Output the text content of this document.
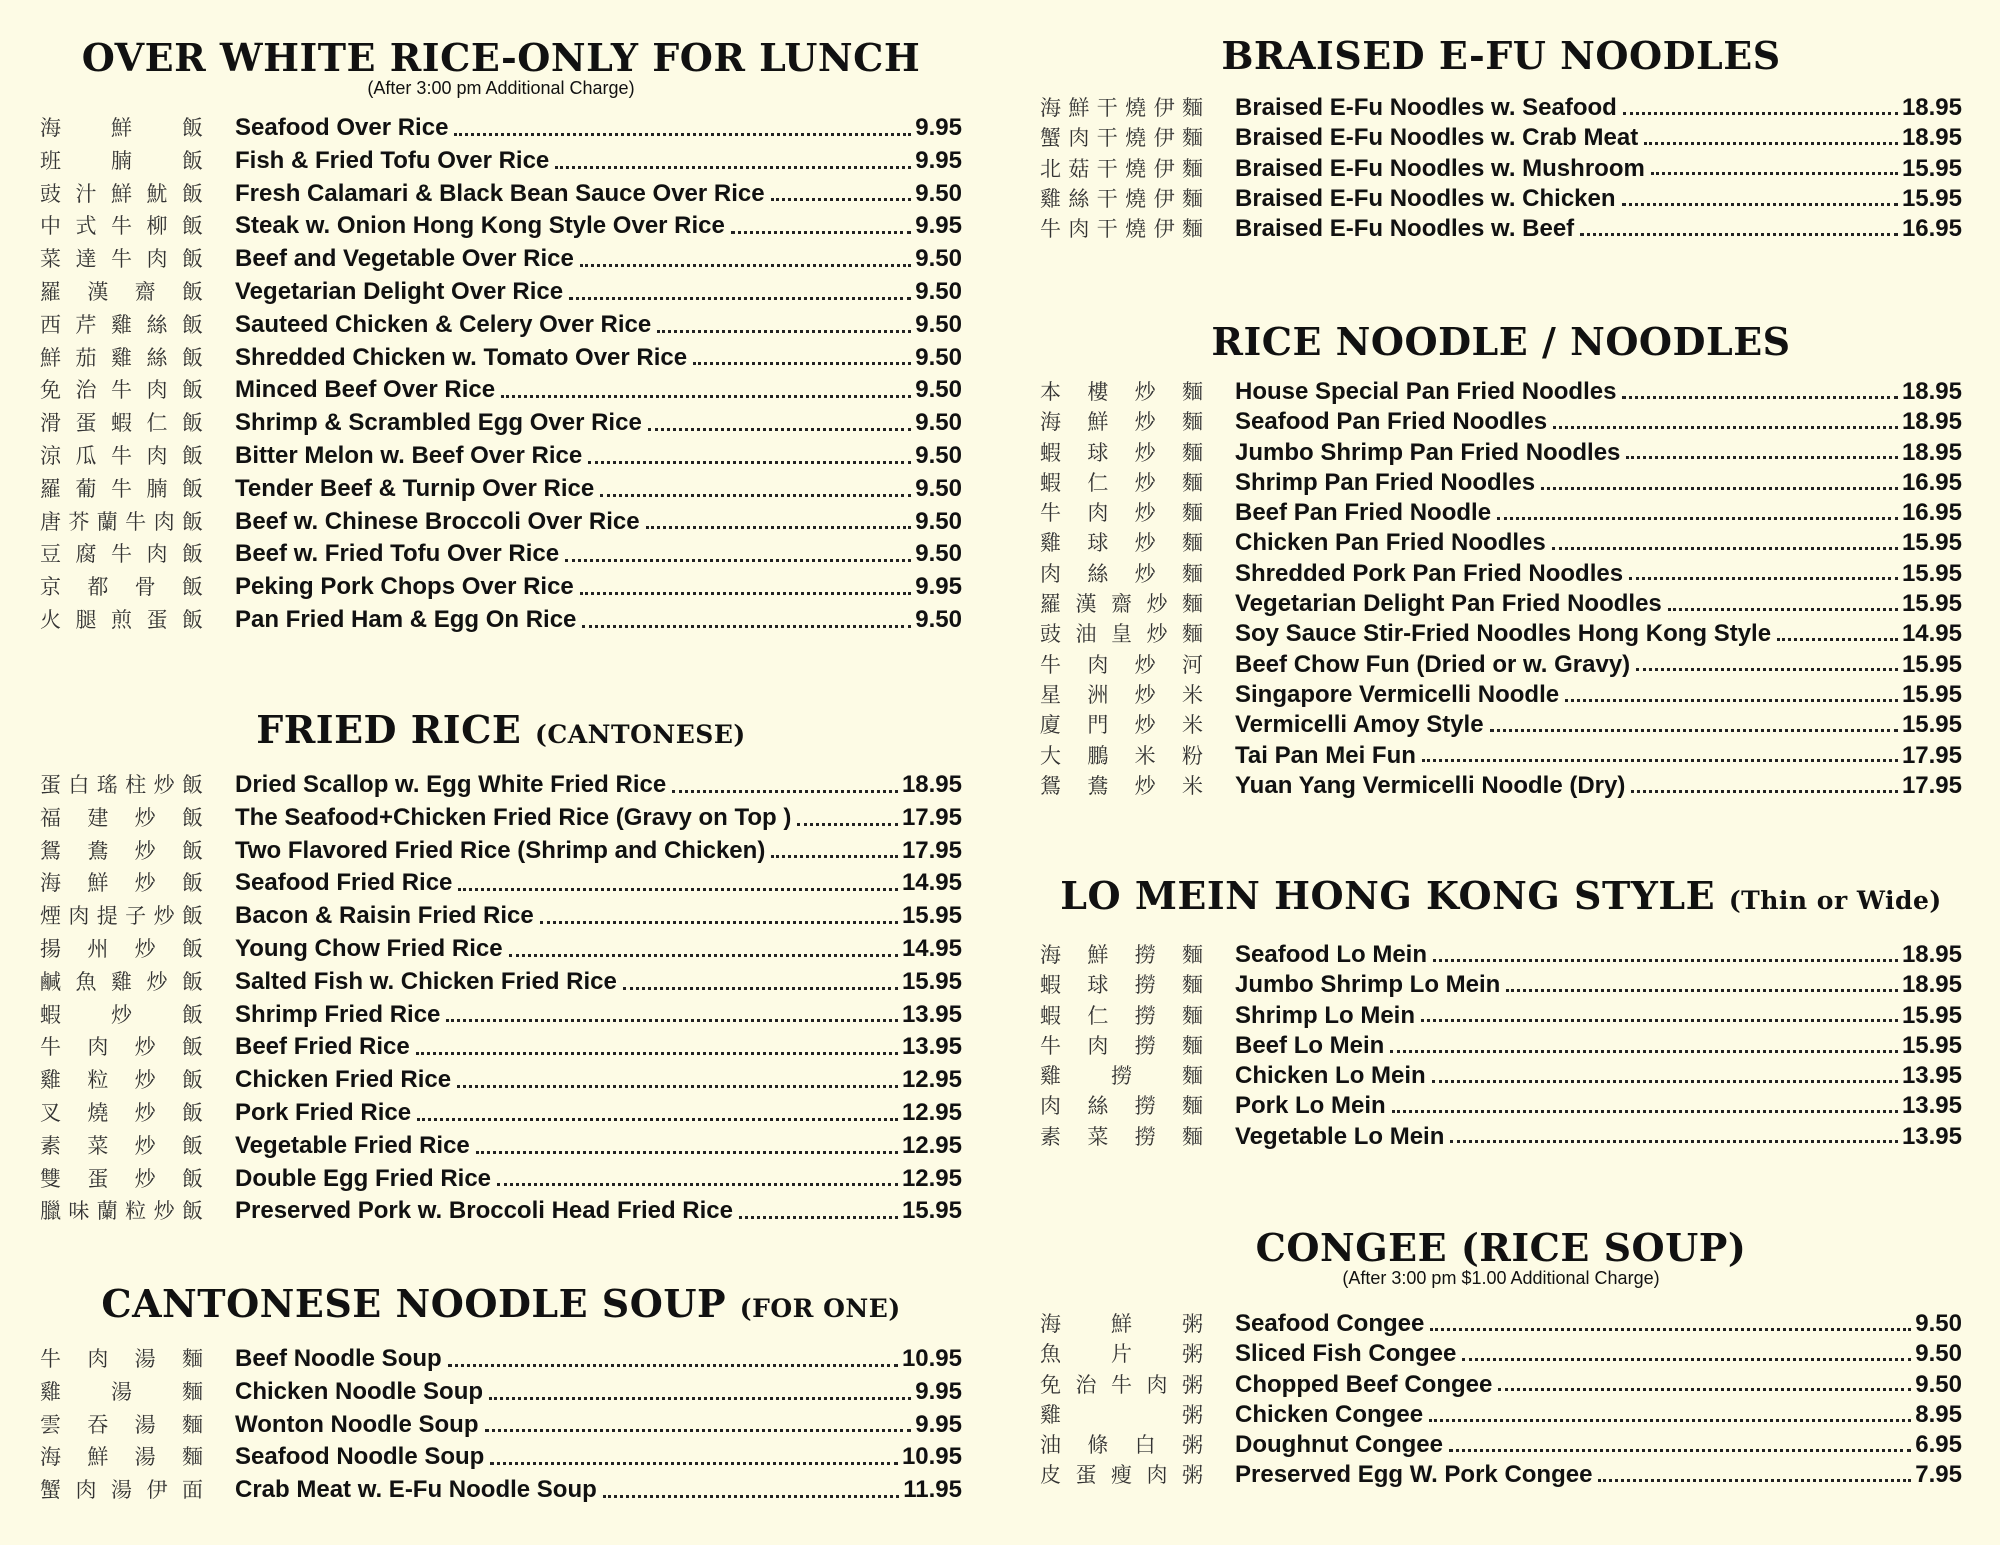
OVER WHITE RICE-ONLY FOR LUNCH
(After 3:00 pm Additional Charge)
海 鮮 飯 Seafood Over Rice	9.95
班 腩 飯 Fish & Fried Tofu Over Rice	9.95
豉 汁 鮮 魷 飯 Fresh Calamari & Black Bean Sauce Over Rice	9.50
中 式 牛 柳 飯 Steak w. Onion Hong Kong Style Over Rice	9.95
菜 達 牛 肉 飯 Beef and Vegetable Over Rice	9.50
羅 漢 齋 飯 Vegetarian Delight Over Rice	9.50
西 芹 雞 絲 飯 Sauteed Chicken & Celery Over Rice	9.50
鮮 茄 雞 絲 飯 Shredded Chicken w. Tomato Over Rice	9.50
免 治 牛 肉 飯 Minced Beef Over Rice	9.50
滑 蛋 蝦 仁 飯 Shrimp & Scrambled Egg Over Rice	9.50
涼 瓜 牛 肉 飯 Bitter Melon w. Beef Over Rice	9.50
羅 葡 牛 腩 飯 Tender Beef & Turnip Over Rice	9.50
唐 芥 蘭 牛 肉 飯 Beef w. Chinese Broccoli Over Rice	9.50
豆 腐 牛 肉 飯 Beef w. Fried Tofu Over Rice	9.50
京 都 骨 飯 Peking Pork Chops Over Rice	9.95
火 腿 煎 蛋 飯 Pan Fried Ham & Egg On Rice	9.50
FRIED RICE (CANTONESE)
蛋 白 瑤 柱 炒 飯 Dried Scallop w. Egg White Fried Rice	18.95
福 建 炒 飯 The Seafood+Chicken Fried Rice (Gravy on Top )	17.95
鴛 鴦 炒 飯 Two Flavored Fried Rice (Shrimp and Chicken)	17.95
海 鮮 炒 飯 Seafood Fried Rice	14.95
煙 肉 提 子 炒 飯 Bacon & Raisin Fried Rice	15.95
揚 州 炒 飯 Young Chow Fried Rice	14.95
鹹 魚 雞 炒 飯 Salted Fish w. Chicken Fried Rice	15.95
蝦 炒 飯 Shrimp Fried Rice	13.95
牛 肉 炒 飯 Beef Fried Rice	13.95
雞 粒 炒 飯 Chicken Fried Rice	12.95
叉 燒 炒 飯 Pork Fried Rice	12.95
素 菜 炒 飯 Vegetable Fried Rice	12.95
雙 蛋 炒 飯 Double Egg Fried Rice	12.95
臘 味 蘭 粒 炒 飯 Preserved Pork w. Broccoli Head Fried Rice	15.95
CANTONESE NOODLE SOUP (FOR ONE)
牛 肉 湯 麵 Beef Noodle Soup	10.95
雞 湯 麵 Chicken Noodle Soup	9.95
雲 吞 湯 麵 Wonton Noodle Soup	9.95
海 鮮 湯 麵 Seafood Noodle Soup	10.95
蟹 肉 湯 伊 面 Crab Meat w. E-Fu Noodle Soup	11.95
BRAISED E-FU NOODLES
海 鮮 干 燒 伊 麵 Braised E-Fu Noodles w. Seafood	18.95
蟹 肉 干 燒 伊 麵 Braised E-Fu Noodles w. Crab Meat	18.95
北 菇 干 燒 伊 麵 Braised E-Fu Noodles w. Mushroom	15.95
雞 絲 干 燒 伊 麵 Braised E-Fu Noodles w. Chicken	15.95
牛 肉 干 燒 伊 麵 Braised E-Fu Noodles w. Beef	16.95
RICE NOODLE / NOODLES
本 樓 炒 麵 House Special Pan Fried Noodles	18.95
海 鮮 炒 麵 Seafood Pan Fried Noodles	18.95
蝦 球 炒 麵 Jumbo Shrimp Pan Fried Noodles	18.95
蝦 仁 炒 麵 Shrimp Pan Fried Noodles	16.95
牛 肉 炒 麵 Beef Pan Fried Noodle	16.95
雞 球 炒 麵 Chicken Pan Fried Noodles	15.95
肉 絲 炒 麵 Shredded Pork Pan Fried Noodles	15.95
羅 漢 齋 炒 麵 Vegetarian Delight Pan Fried Noodles	15.95
豉 油 皇 炒 麵 Soy Sauce Stir-Fried Noodles Hong Kong Style	14.95
牛 肉 炒 河 Beef Chow Fun (Dried or w. Gravy)	15.95
星 洲 炒 米 Singapore Vermicelli Noodle	15.95
廈 門 炒 米 Vermicelli Amoy Style	15.95
大 鵬 米 粉 Tai Pan Mei Fun	17.95
鴛 鴦 炒 米 Yuan Yang Vermicelli Noodle (Dry)	17.95
LO MEIN HONG KONG STYLE (Thin or Wide)
海 鮮 撈 麵 Seafood Lo Mein	18.95
蝦 球 撈 麵 Jumbo Shrimp Lo Mein	18.95
蝦 仁 撈 麵 Shrimp Lo Mein	15.95
牛 肉 撈 麵 Beef Lo Mein	15.95
雞 撈 麵 Chicken Lo Mein	13.95
肉 絲 撈 麵 Pork Lo Mein	13.95
素 菜 撈 麵 Vegetable Lo Mein	13.95
CONGEE (RICE SOUP)
(After 3:00 pm $1.00 Additional Charge)
海 鮮 粥 Seafood Congee	9.50
魚 片 粥 Sliced Fish Congee	9.50
免 治 牛 肉 粥 Chopped Beef Congee	9.50
雞	粥 Chicken Congee	8.95
油 條 白 粥 Doughnut Congee	6.95
皮 蛋 瘦 肉 粥 Preserved Egg W. Pork Congee	7.95
